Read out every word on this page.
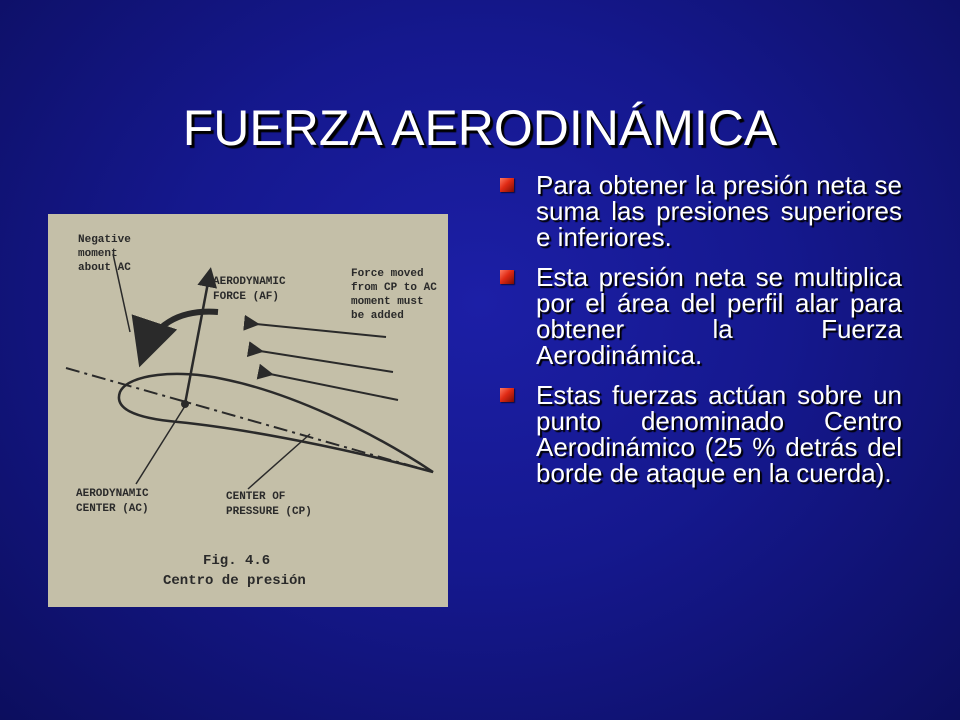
FUERZA AERODINÁMICA
Negative moment about AC
AERODYNAMIC FORCE (AF)
Force moved from CP to AC moment must be added
AERODYNAMIC CENTER (AC)
CENTER OF PRESSURE (CP)
Fig. 4.6 Centro de presión
Para obtener la presión neta se suma las presiones superiores e inferiores.
Esta presión neta se multiplica por el área del perfil alar para obtener la Fuerza Aerodinámica.
Estas fuerzas actúan sobre un punto denominado Centro Aerodinámico (25 % detrás del borde de ataque en la cuerda).
